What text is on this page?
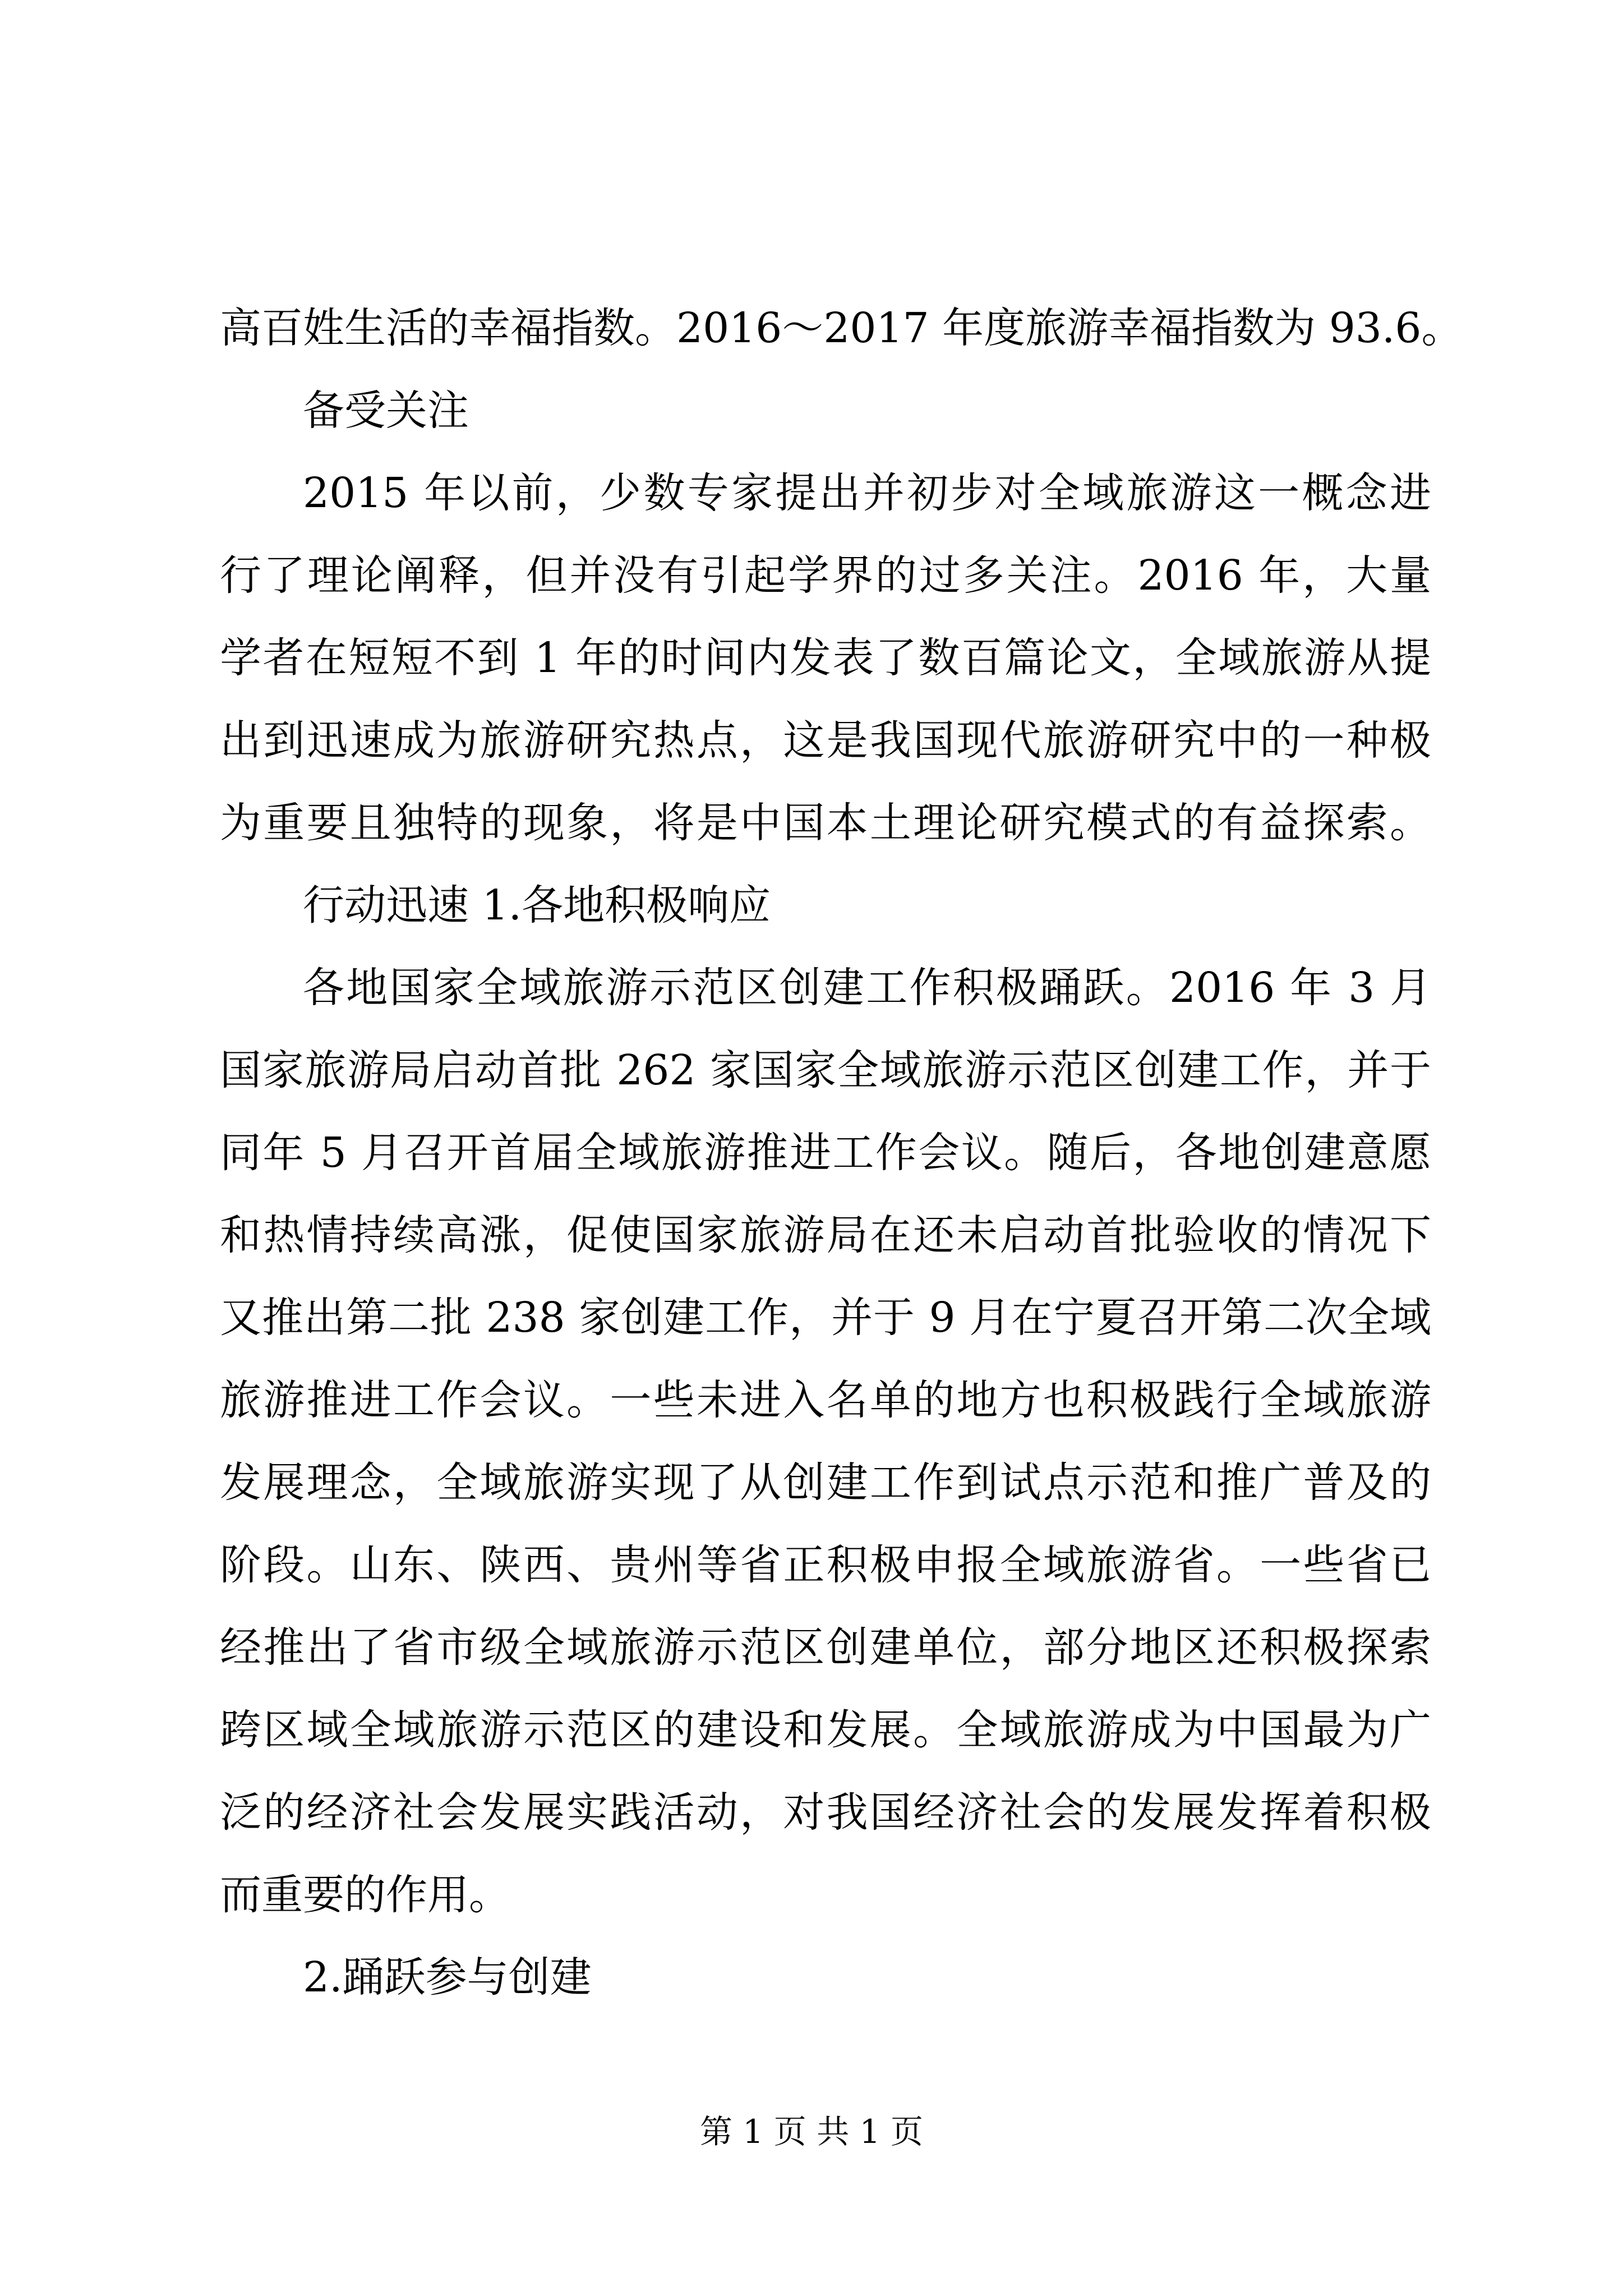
高百姓生活的幸福指数。2016～2017 年度旅游幸福指数为 93.6。
备受关注
2015 年以前，少数专家提出并初步对全域旅游这一概念进
行了理论阐释，但并没有引起学界的过多关注。2016 年，大量
学者在短短不到 1 年的时间内发表了数百篇论文，全域旅游从提
出到迅速成为旅游研究热点，这是我国现代旅游研究中的一种极
为重要且独特的现象，将是中国本土理论研究模式的有益探索。
行动迅速 1.各地积极响应
各地国家全域旅游示范区创建工作积极踊跃。2016 年 3 月
国家旅游局启动首批 262 家国家全域旅游示范区创建工作，并于
同年 5 月召开首届全域旅游推进工作会议。随后，各地创建意愿
和热情持续高涨，促使国家旅游局在还未启动首批验收的情况下
又推出第二批 238 家创建工作，并于 9 月在宁夏召开第二次全域
旅游推进工作会议。一些未进入名单的地方也积极践行全域旅游
发展理念，全域旅游实现了从创建工作到试点示范和推广普及的
阶段。山东、陕西、贵州等省正积极申报全域旅游省。一些省已
经推出了省市级全域旅游示范区创建单位，部分地区还积极探索
跨区域全域旅游示范区的建设和发展。全域旅游成为中国最为广
泛的经济社会发展实践活动，对我国经济社会的发展发挥着积极
而重要的作用。
2.踊跃参与创建
第 1 页 共 1 页
